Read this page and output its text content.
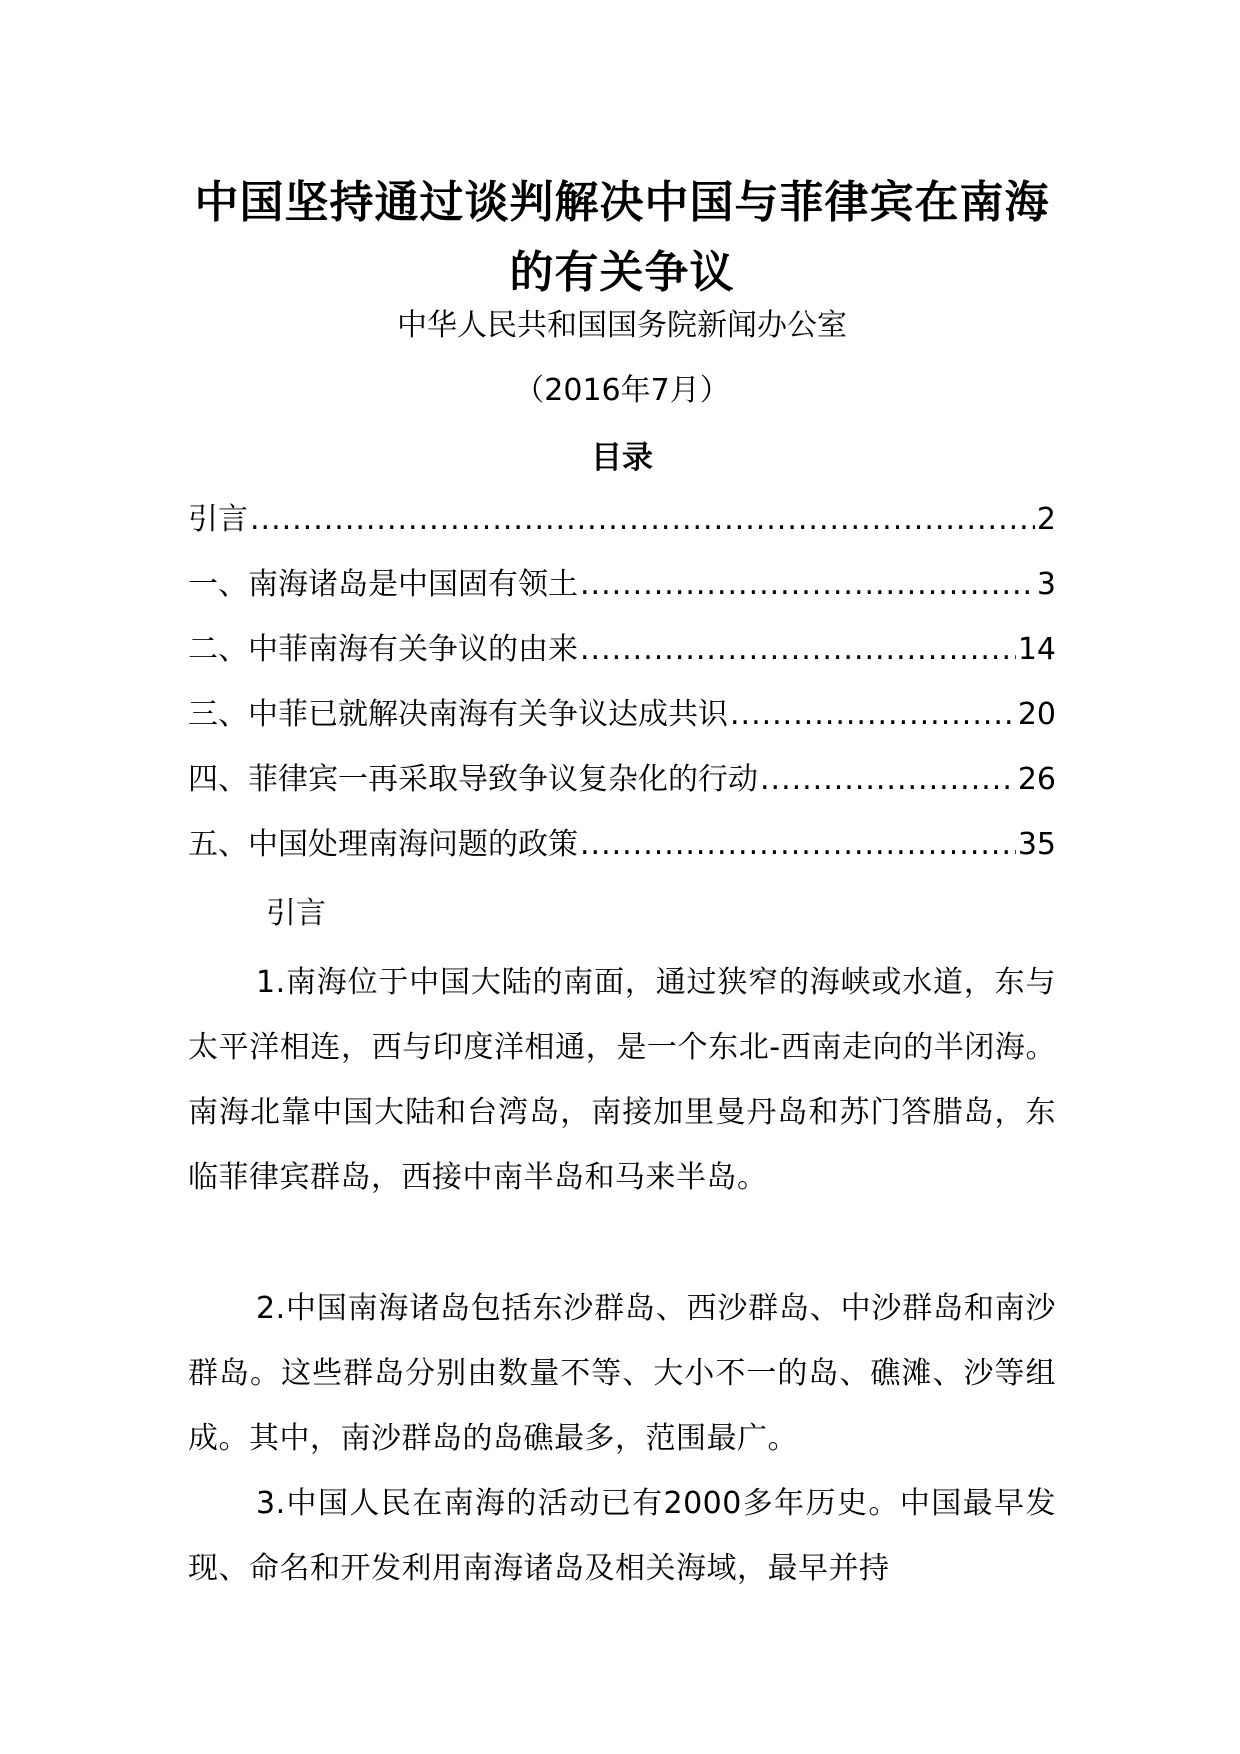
中国坚持通过谈判解决中国与菲律宾在南海的有关争议
中华人民共和国国务院新闻办公室
（2016年7月）
目录
引言 .....	2
一、南海诸岛是中国固有领土 .....	3
二、中菲南海有关争议的由来 .....	14
三、中菲已就解决南海有关争议达成共识 .....	20
四、菲律宾一再采取导致争议复杂化的行动 .....	26
五、中国处理南海问题的政策 .....	35
引言

1.南海位于中国大陆的南面，通过狭窄的海峡或水道，东与太平洋相连，西与印度洋相通，是一个东北-西南走向的半闭海。南海北靠中国大陆和台湾岛，南接加里曼丹岛和苏门答腊岛，东临菲律宾群岛，西接中南半岛和马来半岛。

2.中国南海诸岛包括东沙群岛、西沙群岛、中沙群岛和南沙群岛。这些群岛分别由数量不等、大小不一的岛、礁滩、沙等组成。其中，南沙群岛的岛礁最多，范围最广。

3.中国人民在南海的活动已有2000多年历史。中国最早发现、命名和开发利用南海诸岛及相关海域，最早并持
